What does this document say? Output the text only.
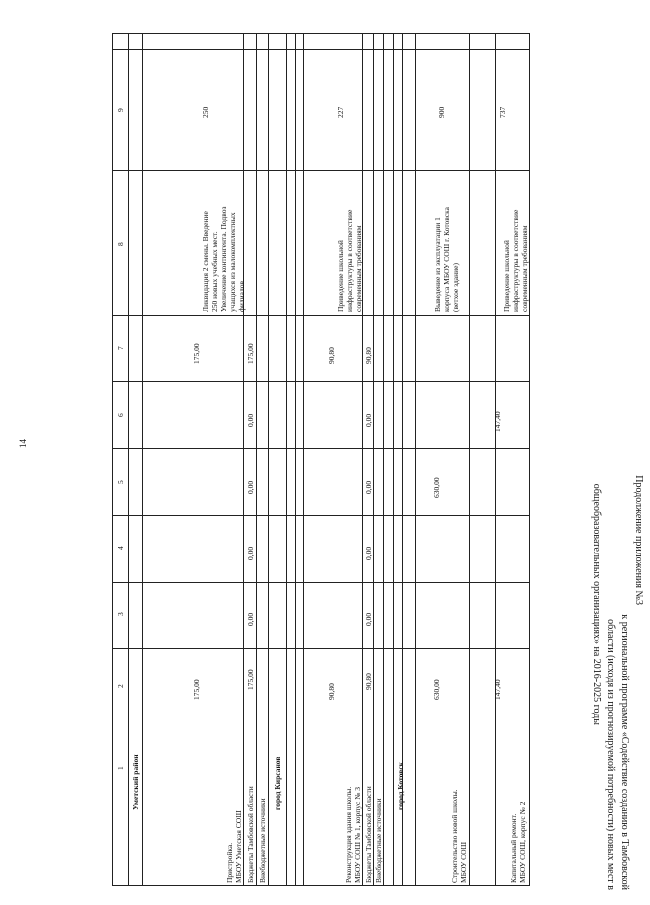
14
Продолжение приложения №3
к региональной программе «Содействие созданию в Тамбовской
области (исходя из прогнозируемой потребности) новых мест в
общеобразовательных организациях» на 2016-2025 годы
1
2
3
4
5
6
7
8
9
Уметский район
Пристройка. МБОУ Уметская СОШ
175,00
175,00
Ликвидация 2 смены. Введение 250 новых учебных мест. Увеличение контингента. Подвоз учащихся из малокомплектных филиалов.
250
Бюджеты Тамбовской области
175,00
0,00
0,00
0,00
0,00
175,00
Внебюджетные источники
город Кирсанов
Реконструкция здания школы. МБОУ СОШ № 1, корпус № 3
90,80
90,80
Приведение школьной инфраструктуры в соответствие современным требованиям
227
Бюджеты Тамбовской области
90,80
0,00
0,00
0,00
0,00
90,80
Внебюджетные источники
город Котовск
Строительство новой школы. МБОУ СОШ
630,00
630,00
Выведение из эксплуатации 1 корпуса МБОУ СОШ г. Котовска (ветхое здание)
900
Капитальный ремонт. МБОУ СОШ, корпус № 2
147,40
147,40
Приведение школьной инфраструктуры в соответствие современным требованиям
737
